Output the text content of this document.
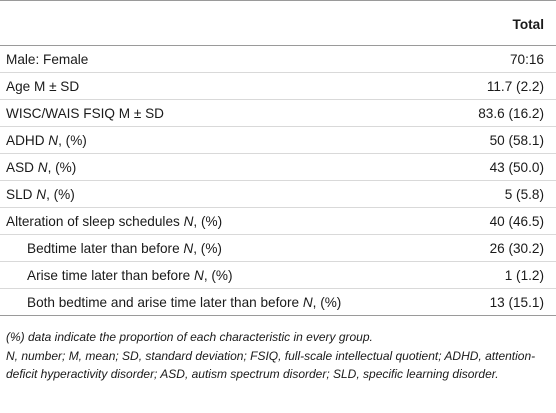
	Total
Male: Female	70:16
Age M ± SD	11.7 (2.2)
WISC/WAIS FSIQ M ± SD	83.6 (16.2)
ADHD N, (%)	50 (58.1)
ASD N, (%)	43 (50.0)
SLD N, (%)	5 (5.8)
Alteration of sleep schedules N, (%)	40 (46.5)
Bedtime later than before N, (%)	26 (30.2)
Arise time later than before N, (%)	1 (1.2)
Both bedtime and arise time later than before N, (%)	13 (15.1)

(%) data indicate the proportion of each characteristic in every group.

N, number; M, mean; SD, standard deviation; FSIQ, full-scale intellectual quotient; ADHD, attention-deficit hyperactivity disorder; ASD, autism spectrum disorder; SLD, specific learning disorder.
